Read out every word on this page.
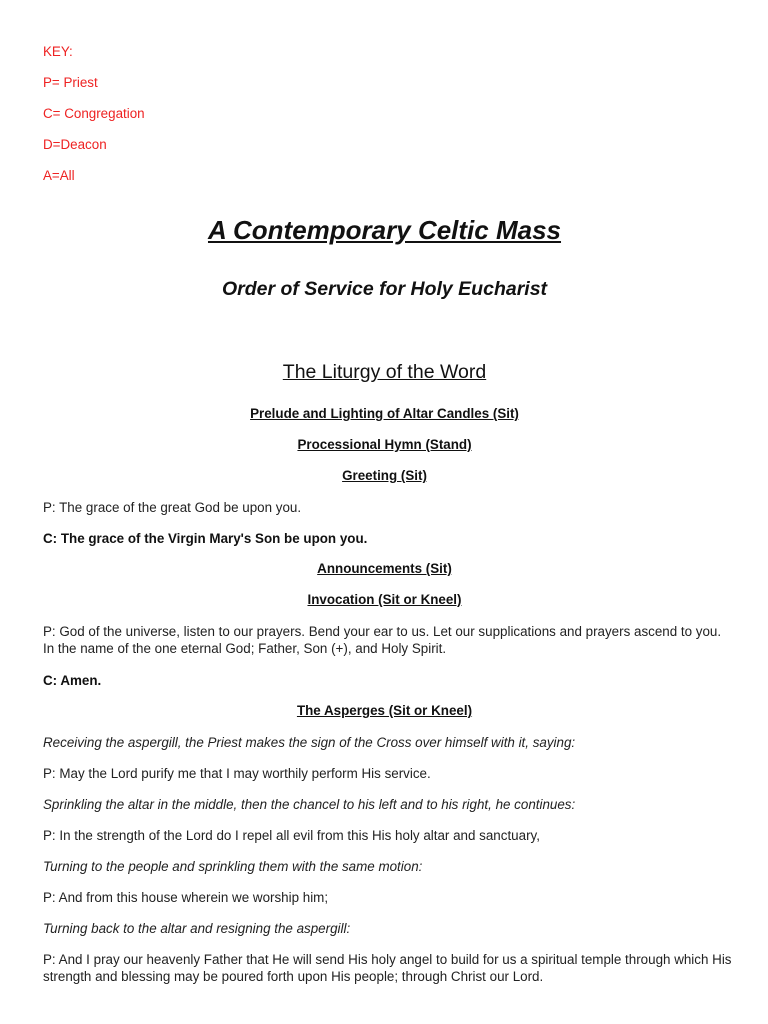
KEY:
P= Priest
C= Congregation
D=Deacon
A=All
A Contemporary Celtic Mass
Order of Service for Holy Eucharist
The Liturgy of the Word
Prelude and Lighting of Altar Candles (Sit)
Processional Hymn (Stand)
Greeting (Sit)
P: The grace of the great God be upon you.
C: The grace of the Virgin Mary's Son be upon you.
Announcements (Sit)
Invocation (Sit or Kneel)
P: God of the universe, listen to our prayers. Bend your ear to us. Let our supplications and prayers ascend to you. In the name of the one eternal God; Father, Son (+), and Holy Spirit.
C: Amen.
The Asperges (Sit or Kneel)
Receiving the aspergill, the Priest makes the sign of the Cross over himself with it, saying:
P: May the Lord purify me that I may worthily perform His service.
Sprinkling the altar in the middle, then the chancel to his left and to his right, he continues:
P: In the strength of the Lord do I repel all evil from this His holy altar and sanctuary,
Turning to the people and sprinkling them with the same motion:
P: And from this house wherein we worship him;
Turning back to the altar and resigning the aspergill:
P: And I pray our heavenly Father that He will send His holy angel to build for us a spiritual temple through which His strength and blessing may be poured forth upon His people; through Christ our Lord.
